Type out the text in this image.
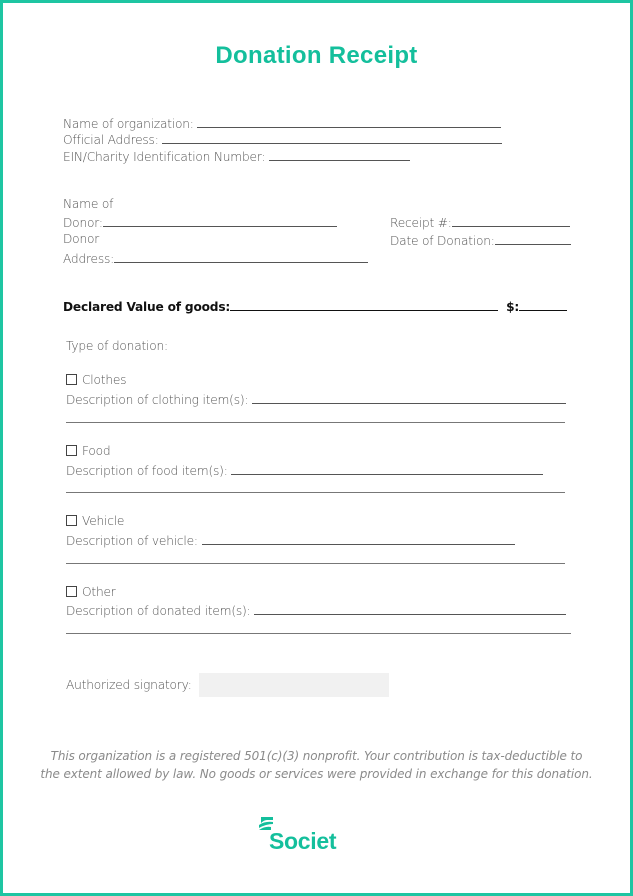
Donation Receipt
Name of organization:
Official Address:
EIN/Charity Identification Number:
Name of
Donor:
Donor
Address:
Receipt #:
Date of Donation:
Declared Value of goods:	$:
Type of donation:
Clothes
Description of clothing item(s):
Food
Description of food item(s):
Vehicle
Description of vehicle:
Other
Description of donated item(s):
Authorized signatory:
This organization is a registered 501(c)(3) nonprofit. Your contribution is tax-deductible to
the extent allowed by law. No goods or services were provided in exchange for this donation.
Societ
